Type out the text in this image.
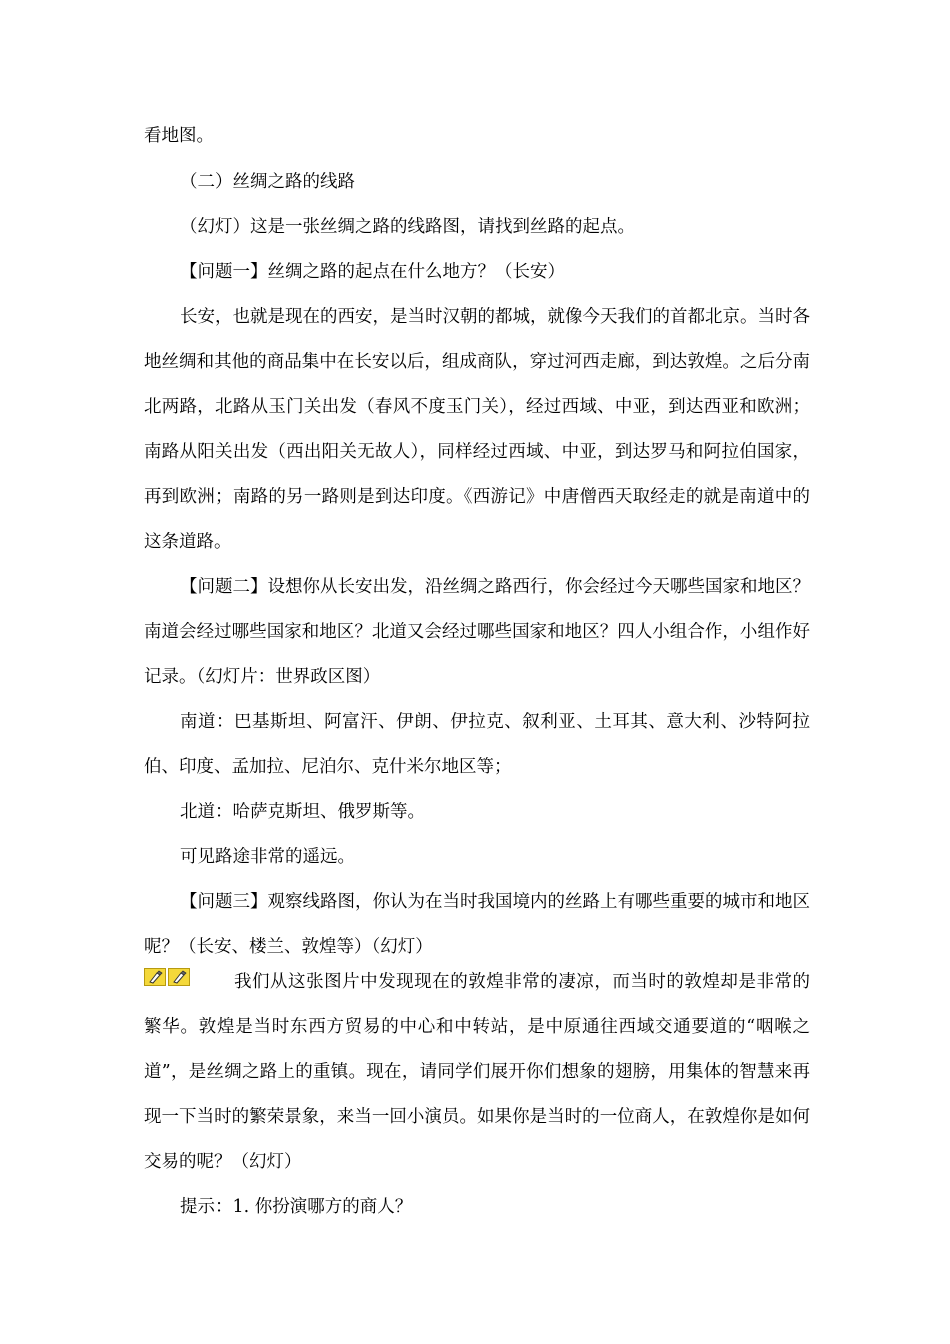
看地图。

（二）丝绸之路的线路

（幻灯）这是一张丝绸之路的线路图，请找到丝路的起点。

【问题一】丝绸之路的起点在什么地方？（长安）

长安，也就是现在的西安，是当时汉朝的都城，就像今天我们的首都北京。当时各地丝绸和其他的商品集中在长安以后，组成商队，穿过河西走廊，到达敦煌。之后分南北两路，北路从玉门关出发（春风不度玉门关），经过西域、中亚，到达西亚和欧洲；南路从阳关出发（西出阳关无故人），同样经过西域、中亚，到达罗马和阿拉伯国家，再到欧洲；南路的另一路则是到达印度。《西游记》中唐僧西天取经走的就是南道中的这条道路。

【问题二】设想你从长安出发，沿丝绸之路西行，你会经过今天哪些国家和地区？南道会经过哪些国家和地区？北道又会经过哪些国家和地区？四人小组合作，小组作好记录。（幻灯片：世界政区图）

南道：巴基斯坦、阿富汗、伊朗、伊拉克、叙利亚、土耳其、意大利、沙特阿拉伯、印度、孟加拉、尼泊尔、克什米尔地区等；

北道：哈萨克斯坦、俄罗斯等。

可见路途非常的遥远。

【问题三】观察线路图，你认为在当时我国境内的丝路上有哪些重要的城市和地区呢？（长安、楼兰、敦煌等）（幻灯）

我们从这张图片中发现现在的敦煌非常的凄凉，而当时的敦煌却是非常的繁华。敦煌是当时东西方贸易的中心和中转站，是中原通往西域交通要道的“咽喉之道”，是丝绸之路上的重镇。现在，请同学们展开你们想象的翅膀，用集体的智慧来再现一下当时的繁荣景象，来当一回小演员。如果你是当时的一位商人，在敦煌你是如何交易的呢？（幻灯）

提示：1. 你扮演哪方的商人？
